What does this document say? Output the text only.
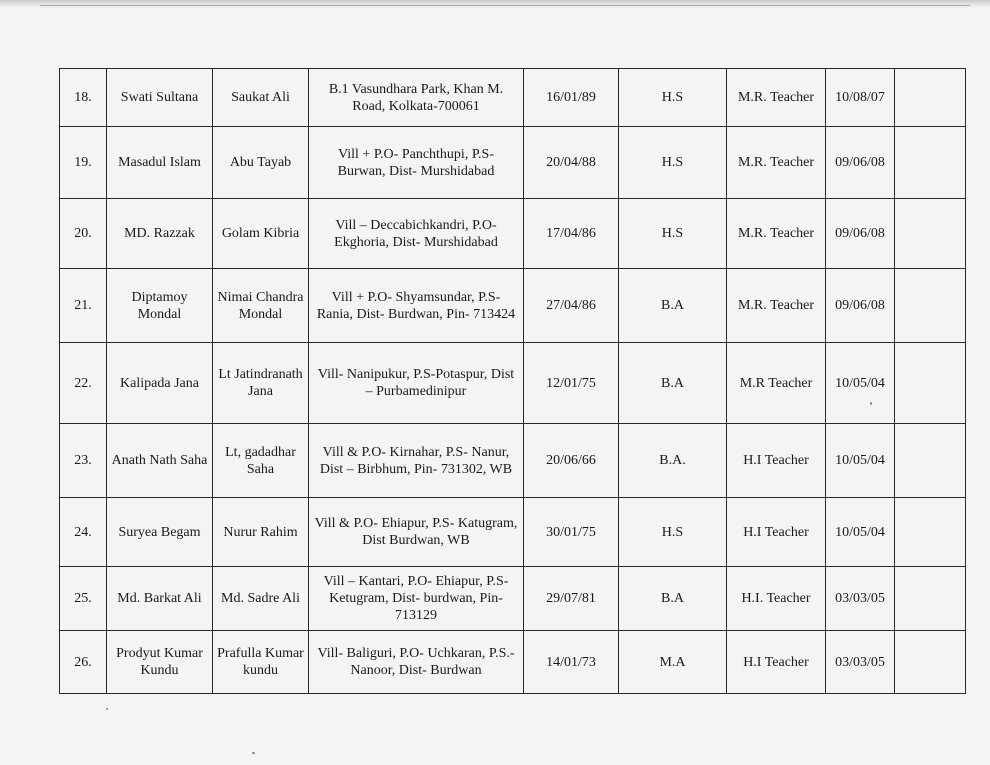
18.	Swati Sultana	Saukat Ali	B.1 Vasundhara Park, Khan M. Road, Kolkata-700061	16/01/89	H.S	M.R. Teacher	10/08/07	
19.	Masadul Islam	Abu Tayab	Vill + P.O- Panchthupi, P.S- Burwan, Dist- Murshidabad	20/04/88	H.S	M.R. Teacher	09/06/08	
20.	MD. Razzak	Golam Kibria	Vill – Deccabichkandri, P.O- Ekghoria, Dist- Murshidabad	17/04/86	H.S	M.R. Teacher	09/06/08	
21.	Diptamoy Mondal	Nimai Chandra Mondal	Vill + P.O- Shyamsundar, P.S- Rania, Dist- Burdwan, Pin- 713424	27/04/86	B.A	M.R. Teacher	09/06/08	
22.	Kalipada Jana	Lt Jatindranath Jana	Vill- Nanipukur, P.S-Potaspur, Dist – Purbamedinipur	12/01/75	B.A	M.R Teacher	10/05/04	
23.	Anath Nath Saha	Lt, gadadhar Saha	Vill & P.O- Kirnahar, P.S- Nanur, Dist – Birbhum, Pin- 731302, WB	20/06/66	B.A.	H.I Teacher	10/05/04	
24.	Suryea Begam	Nurur Rahim	Vill & P.O- Ehiapur, P.S- Katugram, Dist Burdwan, WB	30/01/75	H.S	H.I Teacher	10/05/04	
25.	Md. Barkat Ali	Md. Sadre Ali	Vill – Kantari, P.O- Ehiapur, P.S- Ketugram, Dist- burdwan, Pin- 713129	29/07/81	B.A	H.I. Teacher	03/03/05	
26.	Prodyut Kumar Kundu	Prafulla Kumar kundu	Vill- Baliguri, P.O- Uchkaran, P.S.- Nanoor, Dist- Burdwan	14/01/73	M.A	H.I Teacher	03/03/05	
